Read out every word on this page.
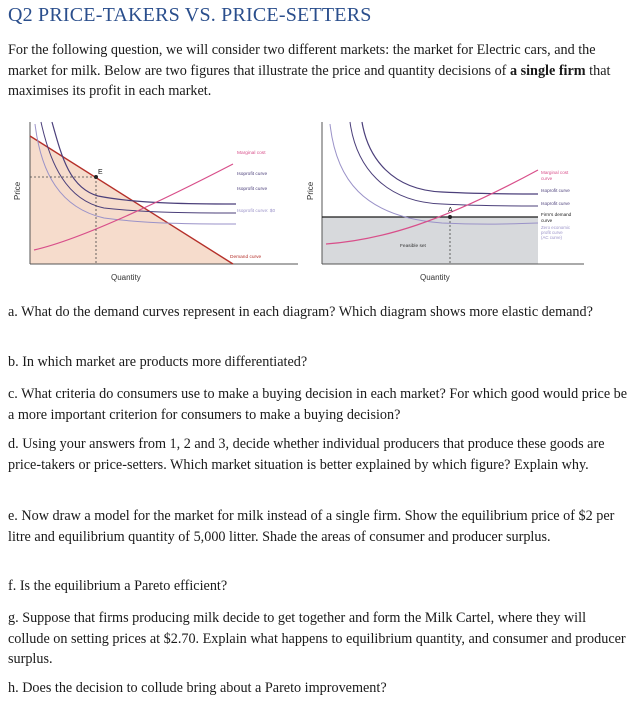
Q2 PRICE-TAKERS VS. PRICE-SETTERS
For the following question, we will consider two different markets: the market for Electric cars, and the market for milk. Below are two figures that illustrate the price and quantity decisions of a single firm that maximises its profit in each market.
Price
Quantity
E
Marginal cost
Isoprofit curve
Isoprofit curve
Isoprofit curve: $0
Demand curve
Price
Quantity
A
Feasible set
Marginal cost
curve
Isoprofit curve
Isoprofit curve
Firm's demand
curve
Zero economic
profit curve
(AC curve)
a. What do the demand curves represent in each diagram? Which diagram shows more elastic demand?
b. In which market are products more differentiated?
c. What criteria do consumers use to make a buying decision in each market? For which good would price be a more important criterion for consumers to make a buying decision?
d. Using your answers from 1, 2 and 3, decide whether individual producers that produce these goods are price-takers or price-setters. Which market situation is better explained by which figure? Explain why.
e. Now draw a model for the market for milk instead of a single firm. Show the equilibrium price of $2 per litre and equilibrium quantity of 5,000 litter. Shade the areas of consumer and producer surplus.
f. Is the equilibrium a Pareto efficient?
g. Suppose that firms producing milk decide to get together and form the Milk Cartel, where they will collude on setting prices at $2.70. Explain what happens to equilibrium quantity, and consumer and producer surplus.
h. Does the decision to collude bring about a Pareto improvement?
